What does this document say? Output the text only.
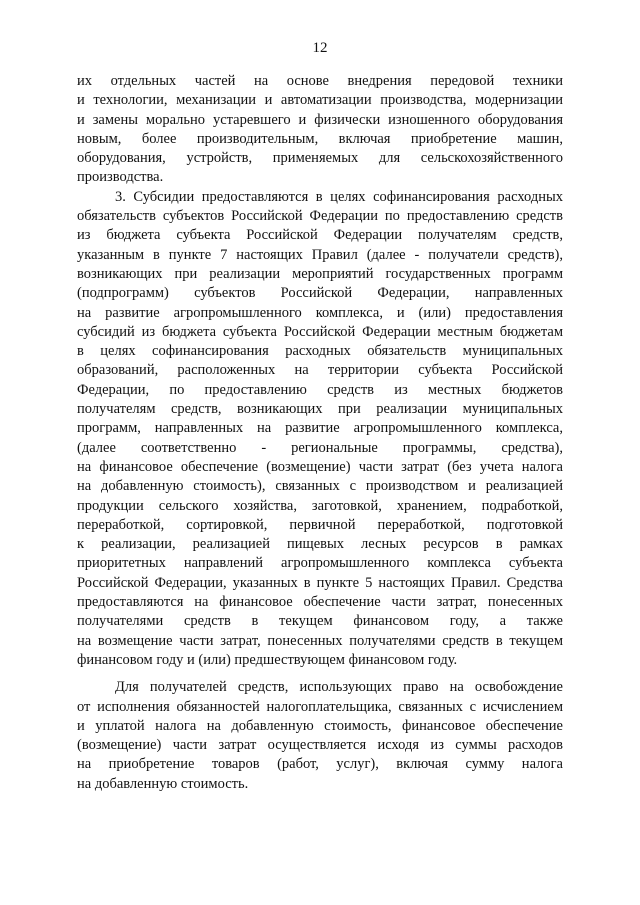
12
их отдельных частей на основе внедрения передовой техники
и технологии, механизации и автоматизации производства, модернизации
и замены морально устаревшего и физически изношенного оборудования
новым, более производительным, включая приобретение машин,
оборудования, устройств, применяемых для сельскохозяйственного
производства.
3. Субсидии предоставляются в целях софинансирования расходных
обязательств субъектов Российской Федерации по предоставлению средств
из бюджета субъекта Российской Федерации получателям средств,
указанным в пункте 7 настоящих Правил (далее - получатели средств),
возникающих при реализации мероприятий государственных программ
(подпрограмм) субъектов Российской Федерации, направленных
на развитие агропромышленного комплекса, и (или) предоставления
субсидий из бюджета субъекта Российской Федерации местным бюджетам
в целях софинансирования расходных обязательств муниципальных
образований, расположенных на территории субъекта Российской
Федерации, по предоставлению средств из местных бюджетов
получателям средств, возникающих при реализации муниципальных
программ, направленных на развитие агропромышленного комплекса,
(далее соответственно - региональные программы, средства),
на финансовое обеспечение (возмещение) части затрат (без учета налога
на добавленную стоимость), связанных с производством и реализацией
продукции сельского хозяйства, заготовкой, хранением, подработкой,
переработкой, сортировкой, первичной переработкой, подготовкой
к реализации, реализацией пищевых лесных ресурсов в рамках
приоритетных направлений агропромышленного комплекса субъекта
Российской Федерации, указанных в пункте 5 настоящих Правил. Средства
предоставляются на финансовое обеспечение части затрат, понесенных
получателями средств в текущем финансовом году, а также
на возмещение части затрат, понесенных получателями средств в текущем
финансовом году и (или) предшествующем финансовом году.
Для получателей средств, использующих право на освобождение
от исполнения обязанностей налогоплательщика, связанных с исчислением
и уплатой налога на добавленную стоимость, финансовое обеспечение
(возмещение) части затрат осуществляется исходя из суммы расходов
на приобретение товаров (работ, услуг), включая сумму налога
на добавленную стоимость.
